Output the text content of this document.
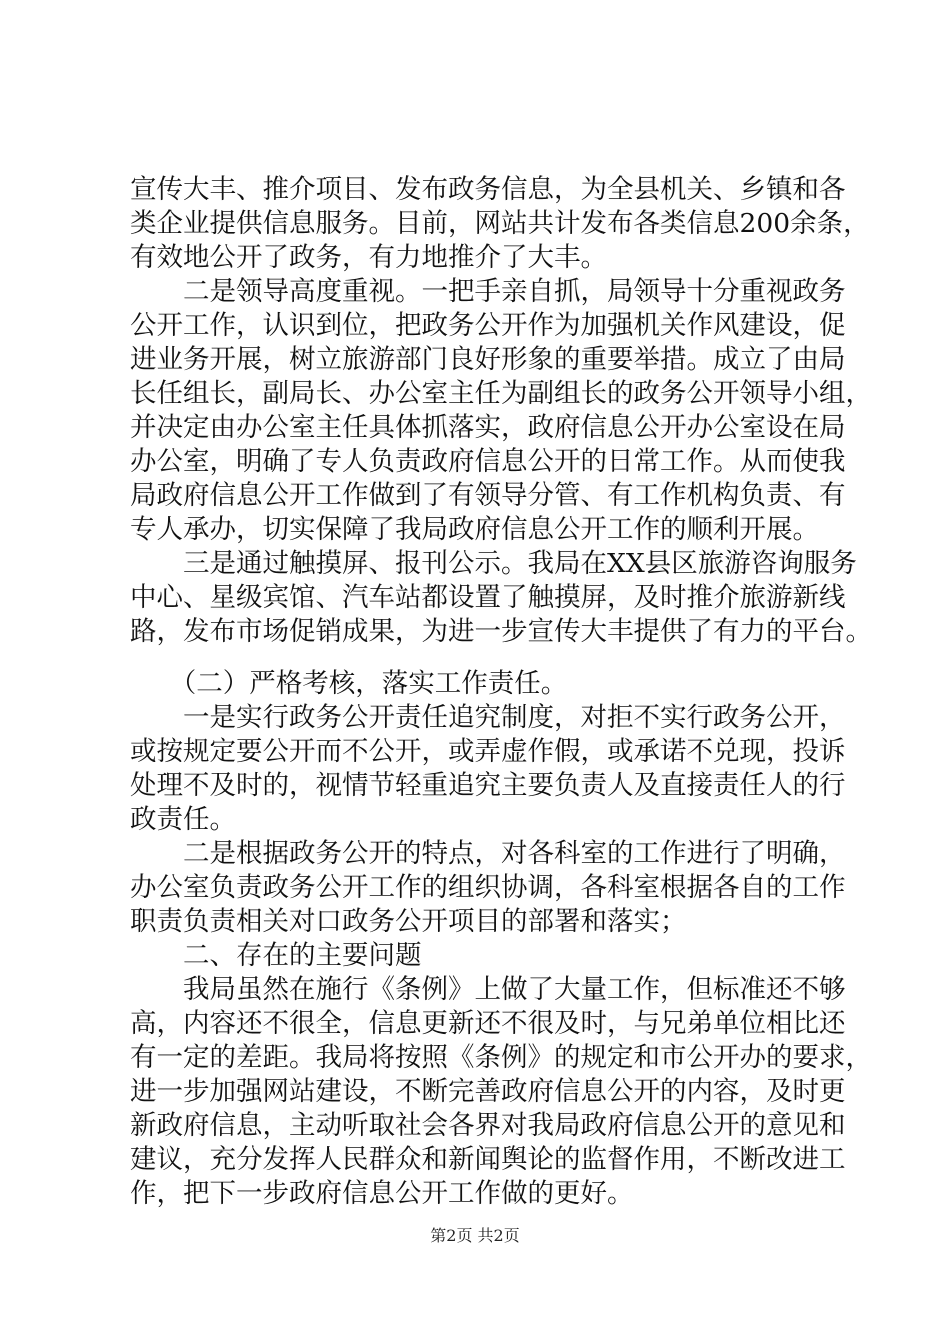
宣传大丰、推介项目、发布政务信息，为全县机关、乡镇和各
类企业提供信息服务。目前，网站共计发布各类信息200余条，
有效地公开了政务，有力地推介了大丰。
　　二是领导高度重视。一把手亲自抓，局领导十分重视政务
公开工作，认识到位，把政务公开作为加强机关作风建设，促
进业务开展，树立旅游部门良好形象的重要举措。成立了由局
长任组长，副局长、办公室主任为副组长的政务公开领导小组，
并决定由办公室主任具体抓落实，政府信息公开办公室设在局
办公室，明确了专人负责政府信息公开的日常工作。从而使我
局政府信息公开工作做到了有领导分管、有工作机构负责、有
专人承办，切实保障了我局政府信息公开工作的顺利开展。
　　三是通过触摸屏、报刊公示。我局在XX县区旅游咨询服务
中心、星级宾馆、汽车站都设置了触摸屏，及时推介旅游新线
路，发布市场促销成果，为进一步宣传大丰提供了有力的平台。
　　（二）严格考核，落实工作责任。
　　一是实行政务公开责任追究制度，对拒不实行政务公开，
或按规定要公开而不公开，或弄虚作假，或承诺不兑现，投诉
处理不及时的，视情节轻重追究主要负责人及直接责任人的行
政责任。
　　二是根据政务公开的特点，对各科室的工作进行了明确，
办公室负责政务公开工作的组织协调，各科室根据各自的工作
职责负责相关对口政务公开项目的部署和落实；
　　二、存在的主要问题
　　我局虽然在施行《条例》上做了大量工作，但标准还不够
高，内容还不很全，信息更新还不很及时，与兄弟单位相比还
有一定的差距。我局将按照《条例》的规定和市公开办的要求，
进一步加强网站建设，不断完善政府信息公开的内容，及时更
新政府信息，主动听取社会各界对我局政府信息公开的意见和
建议，充分发挥人民群众和新闻舆论的监督作用，不断改进工
作，把下一步政府信息公开工作做的更好。
第2页 共2页
